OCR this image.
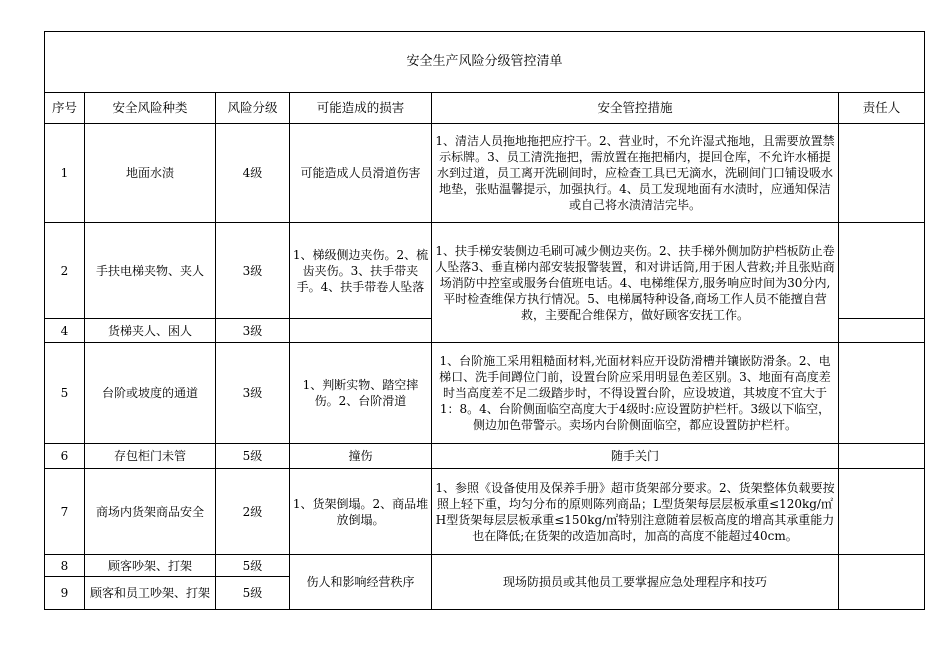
安全生产风险分级管控清单					
序号	安全风险种类	风险分级	可能造成的损害	安全管控措施	责任人
1	地面水渍	4级	可能造成人员滑道伤害	1、清洁人员拖地拖把应拧干。2、营业时，不允许湿式拖地，且需要放置禁示标牌。3、员工清洗拖把，需放置在拖把桶内，提回仓库，不允许水桶提水到过道，员工离开洗刷间时，应检查工具已无滴水，洗刷间门口铺设吸水地垫，张贴温馨提示，加强执行。4、员工发现地面有水渍时，应通知保洁或自己将水渍清洁完毕。	
2	手扶电梯夹物、夹人	3级	1、梯级侧边夹伤。2、梳齿夹伤。3、扶手带夹手。4、扶手带卷人坠落	1、扶手梯安装侧边毛刷可减少侧边夹伤。2、扶手梯外侧加防护档板防止卷人坠落3、垂直梯内部安装报警装置，和对讲话筒,用于困人营救;并且张贴商场消防中控室或服务台值班电话。4、电梯维保方,服务响应时间为30分内,平时检查维保方执行情况。5、电梯属特种设备,商场工作人员不能擅自营救，主要配合维保方，做好顾客安抚工作。	
4	货梯夹人、困人	3级			
5	台阶或坡度的通道	3级	1、判断实物、踏空摔伤。2、台阶滑道	1、台阶施工采用粗糙面材料,光面材料应开设防滑槽并镶嵌防滑条。2、电梯口、洗手间蹲位门前，设置台阶应采用明显色差区别。3、地面有高度差时当高度差不足二级踏步时，不得设置台阶，应设坡道，其坡度不宜大于1：8。4、台阶侧面临空高度大于4级时:应设置防护栏杆。3级以下临空，侧边加色带警示。卖场内台阶侧面临空，都应设置防护栏杆。	
6	存包柜门未管	5级	撞伤	随手关门	
7	商场内货架商品安全	2级	1、货架倒塌。2、商品堆放倒塌。	1、参照《设备使用及保养手册》超市货架部分要求。2、货架整体负载要按照上轻下重，均匀分布的原则陈列商品；L型货架每层层板承重≤120kg/㎡ H型货架每层层板承重≤150kg/㎡特别注意随着层板高度的增高其承重能力也在降低;在货架的改造加高时，加高的高度不能超过40cm。	
8	顾客吵架、打架	5级	伤人和影响经营秩序	现场防损员或其他员工要掌握应急处理程序和技巧	
9	顾客和员工吵架、打架	5级			
